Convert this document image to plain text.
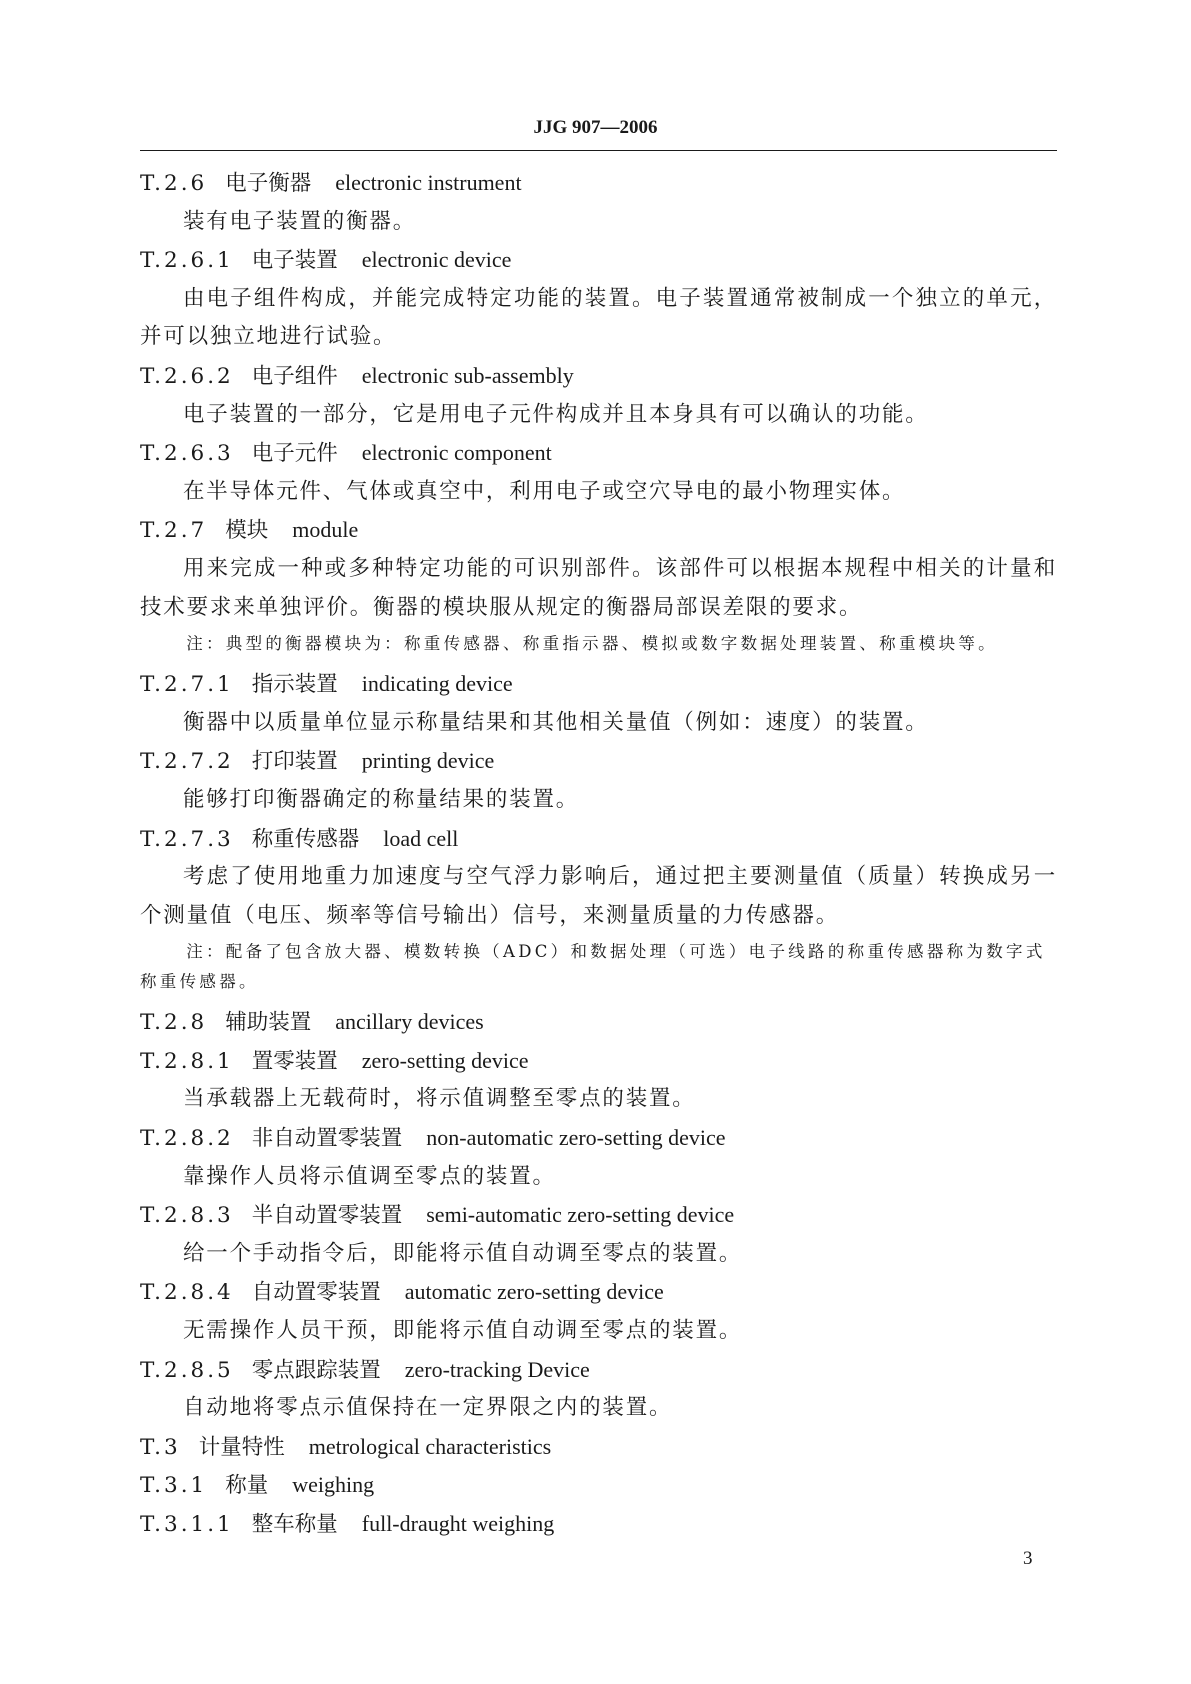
JJG 907—2006
T.2.6 电子衡器 electronic instrument
装有电子装置的衡器。
T.2.6.1 电子装置 electronic device
由电子组件构成，并能完成特定功能的装置。电子装置通常被制成一个独立的单元，并可以独立地进行试验。
T.2.6.2 电子组件 electronic sub-assembly
电子装置的一部分，它是用电子元件构成并且本身具有可以确认的功能。
T.2.6.3 电子元件 electronic component
在半导体元件、气体或真空中，利用电子或空穴导电的最小物理实体。
T.2.7 模块 module
用来完成一种或多种特定功能的可识别部件。该部件可以根据本规程中相关的计量和技术要求来单独评价。衡器的模块服从规定的衡器局部误差限的要求。
注：典型的衡器模块为：称重传感器、称重指示器、模拟或数字数据处理装置、称重模块等。
T.2.7.1 指示装置 indicating device
衡器中以质量单位显示称量结果和其他相关量值（例如：速度）的装置。
T.2.7.2 打印装置 printing device
能够打印衡器确定的称量结果的装置。
T.2.7.3 称重传感器 load cell
考虑了使用地重力加速度与空气浮力影响后，通过把主要测量值（质量）转换成另一个测量值（电压、频率等信号输出）信号，来测量质量的力传感器。
注：配备了包含放大器、模数转换（ADC）和数据处理（可选）电子线路的称重传感器称为数字式称重传感器。
T.2.8 辅助装置 ancillary devices
T.2.8.1 置零装置 zero-setting device
当承载器上无载荷时，将示值调整至零点的装置。
T.2.8.2 非自动置零装置 non-automatic zero-setting device
靠操作人员将示值调至零点的装置。
T.2.8.3 半自动置零装置 semi-automatic zero-setting device
给一个手动指令后，即能将示值自动调至零点的装置。
T.2.8.4 自动置零装置 automatic zero-setting device
无需操作人员干预，即能将示值自动调至零点的装置。
T.2.8.5 零点跟踪装置 zero-tracking Device
自动地将零点示值保持在一定界限之内的装置。
T.3 计量特性 metrological characteristics
T.3.1 称量 weighing
T.3.1.1 整车称量 full-draught weighing
3
